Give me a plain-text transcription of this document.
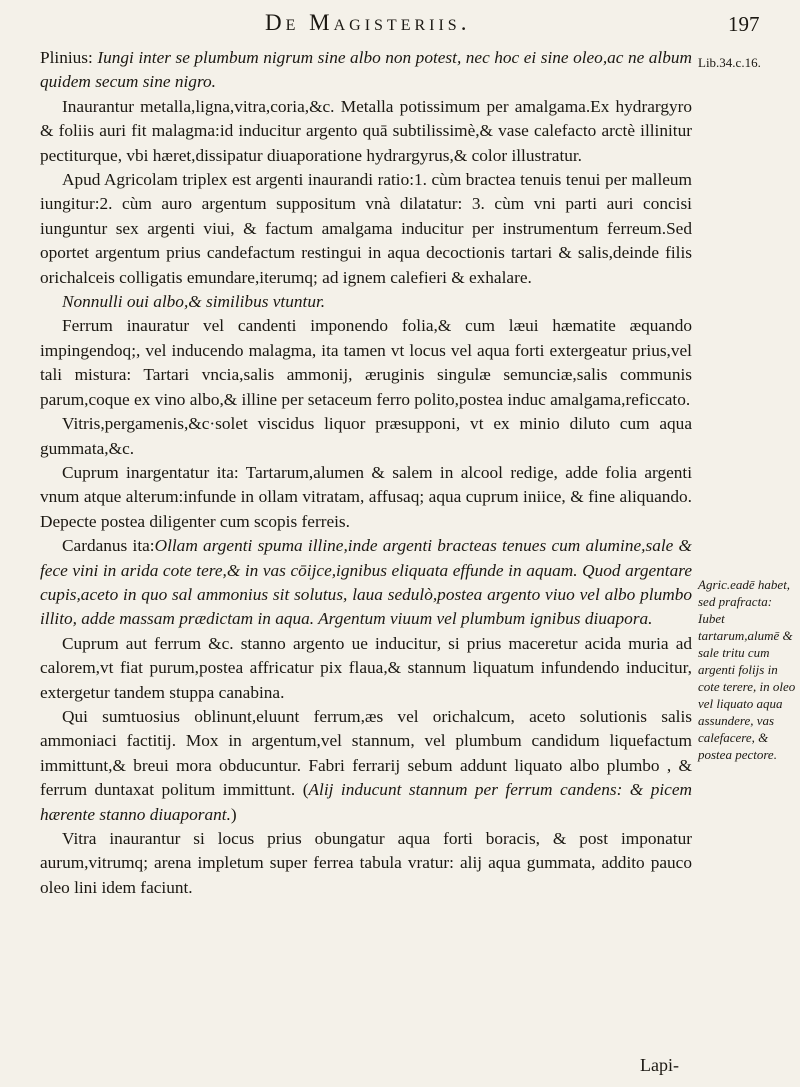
De Magisteriis.	197

Plinius: Iungi inter se plumbum nigrum sine albo non potest, nec hoc ei sine oleo,ac ne album quidem secum sine nigro.

Inaurantur metalla,ligna,vitra,coria,&c. Metalla potissimum per amalgama.Ex hydrargyro & foliis auri fit malagma:id inducitur argento quā subtilissimè,& vase calefacto arctè illinitur pectiturque, vbi hæret,dissipatur diuaporatione hydrargyrus,& color illustratur.

Apud Agricolam triplex est argenti inaurandi ratio:1. cùm bractea tenuis tenui per malleum iungitur:2. cùm auro argentum suppositum vnà dilatatur: 3. cùm vni parti auri concisi iunguntur sex argenti viui, & factum amalgama inducitur per instrumentum ferreum.Sed oportet argentum prius candefactum restingui in aqua decoctionis tartari & salis,deinde filis orichalceis colligatis emundare,iterumq; ad ignem calefieri & exhalare.

Nonnulli oui albo,& similibus vtuntur.

Ferrum inauratur vel candenti imponendo folia,& cum læui hæmatite æquando impingendoq;, vel inducendo malagma, ita tamen vt locus vel aqua forti extergeatur prius,vel tali mistura: Tartari vncia,salis ammonij, æruginis singulæ semunciæ,salis communis parum,coque ex vino albo,& illine per setaceum ferro polito,postea induc amalgama,reficcato.

Vitris,pergamenis,&c·solet viscidus liquor præsupponi, vt ex minio diluto cum aqua gummata,&c.

Cuprum inargentatur ita: Tartarum,alumen & salem in alcool redige, adde folia argenti vnum atque alterum:infunde in ollam vitratam, affusaq; aqua cuprum iniice, & fine aliquando. Depecte postea diligenter cum scopis ferreis.

Cardanus ita:Ollam argenti spuma illine,inde argenti bracteas tenues cum alumine,sale & fece vini in arida cote tere,& in vas cōijce,ignibus eliquata effunde in aquam. Quod argentare cupis,aceto in quo sal ammonius sit solutus, laua sedulò,postea argento viuo vel albo plumbo illito, adde massam prædictam in aqua. Argentum viuum vel plumbum ignibus diuapora.

Cuprum aut ferrum &c. stanno argento ue inducitur, si prius maceretur acida muria ad calorem,vt fiat purum,postea affricatur pix flaua,& stannum liquatum infundendo inducitur, extergetur tandem stuppa canabina.

Qui sumtuosius oblinunt,eluunt ferrum,æs vel orichalcum, aceto solutionis salis ammoniaci factitij. Mox in argentum,vel stannum, vel plumbum candidum liquefactum immittunt,& breui mora obducuntur. Fabri ferrarij sebum addunt liquato albo plumbo , & ferrum duntaxat politum immittunt. (Alij inducunt stannum per ferrum candens: & picem hærente stanno diuaporant.)

Vitra inaurantur si locus prius obungatur aqua forti boracis, & post imponatur aurum,vitrumq; arena impletum super ferrea tabula vratur: alij aqua gummata, addito pauco oleo lini idem faciunt.

Lib.34.c.16.
Agric.eadē habet, sed prafracta: Iubet tartarum,alumē & sale tritu cum argenti folijs in cote terere, in oleo vel liquato aqua assundere, vas calefacere, & postea pectore.
Lapi-
